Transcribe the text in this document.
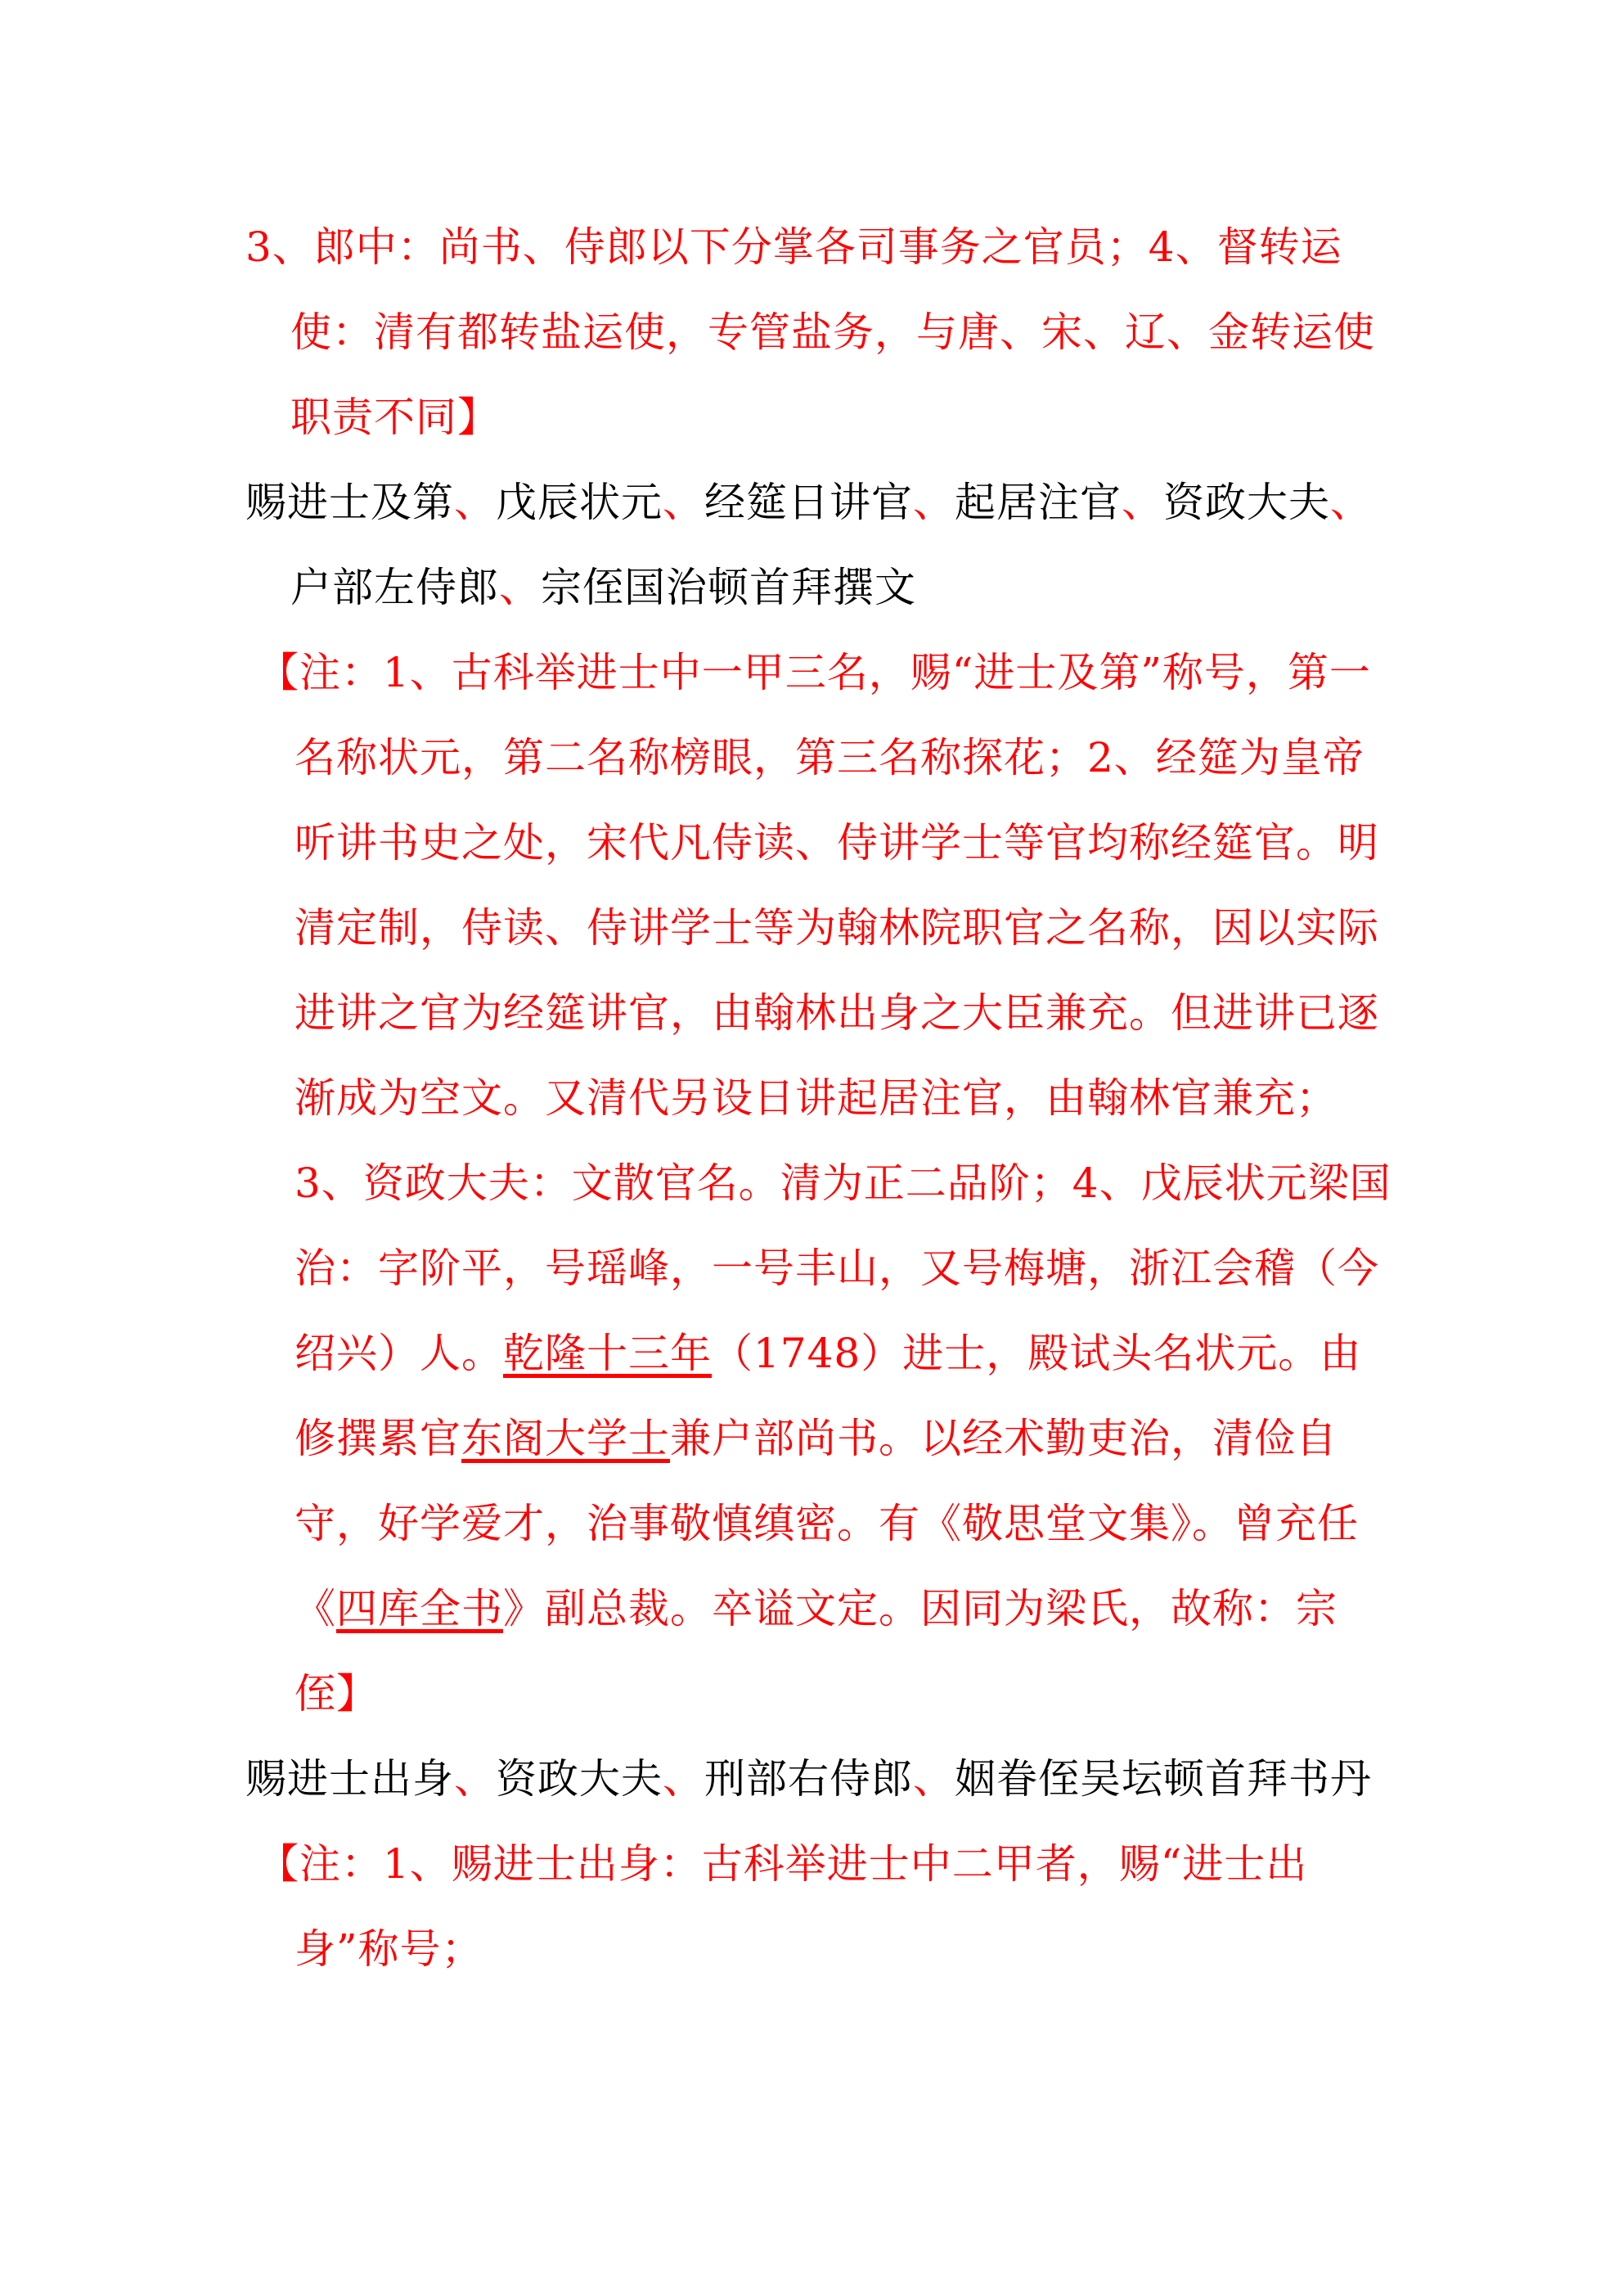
3、郎中：尚书、侍郎以下分掌各司事务之官员；4、督转运使：清有都转盐运使，专管盐务，与唐、宋、辽、金转运使职责不同】

赐进士及第、戊辰状元、经筵日讲官、起居注官、资政大夫、户部左侍郎、宗侄国治顿首拜撰文

【注：1、古科举进士中一甲三名，赐“进士及第”称号，第一名称状元，第二名称榜眼，第三名称探花；2、经筵为皇帝听讲书史之处，宋代凡侍读、侍讲学士等官均称经筵官。明清定制，侍读、侍讲学士等为翰林院职官之名称，因以实际进讲之官为经筵讲官，由翰林出身之大臣兼充。但进讲已逐渐成为空文。又清代另设日讲起居注官，由翰林官兼充；3、资政大夫：文散官名。清为正二品阶；4、戊辰状元梁国治：字阶平，号瑶峰，一号丰山，又号梅塘，浙江会稽（今绍兴）人。乾隆十三年（1748）进士，殿试头名状元。由修撰累官东阁大学士兼户部尚书。以经术勤吏治，清俭自守，好学爱才，治事敬慎缜密。有《敬思堂文集》。曾充任《四库全书》副总裁。卒谥文定。因同为梁氏，故称：宗侄】

赐进士出身、资政大夫、刑部右侍郎、姻眷侄吴坛顿首拜书丹

【注：1、赐进士出身：古科举进士中二甲者，赐“进士出身”称号；
